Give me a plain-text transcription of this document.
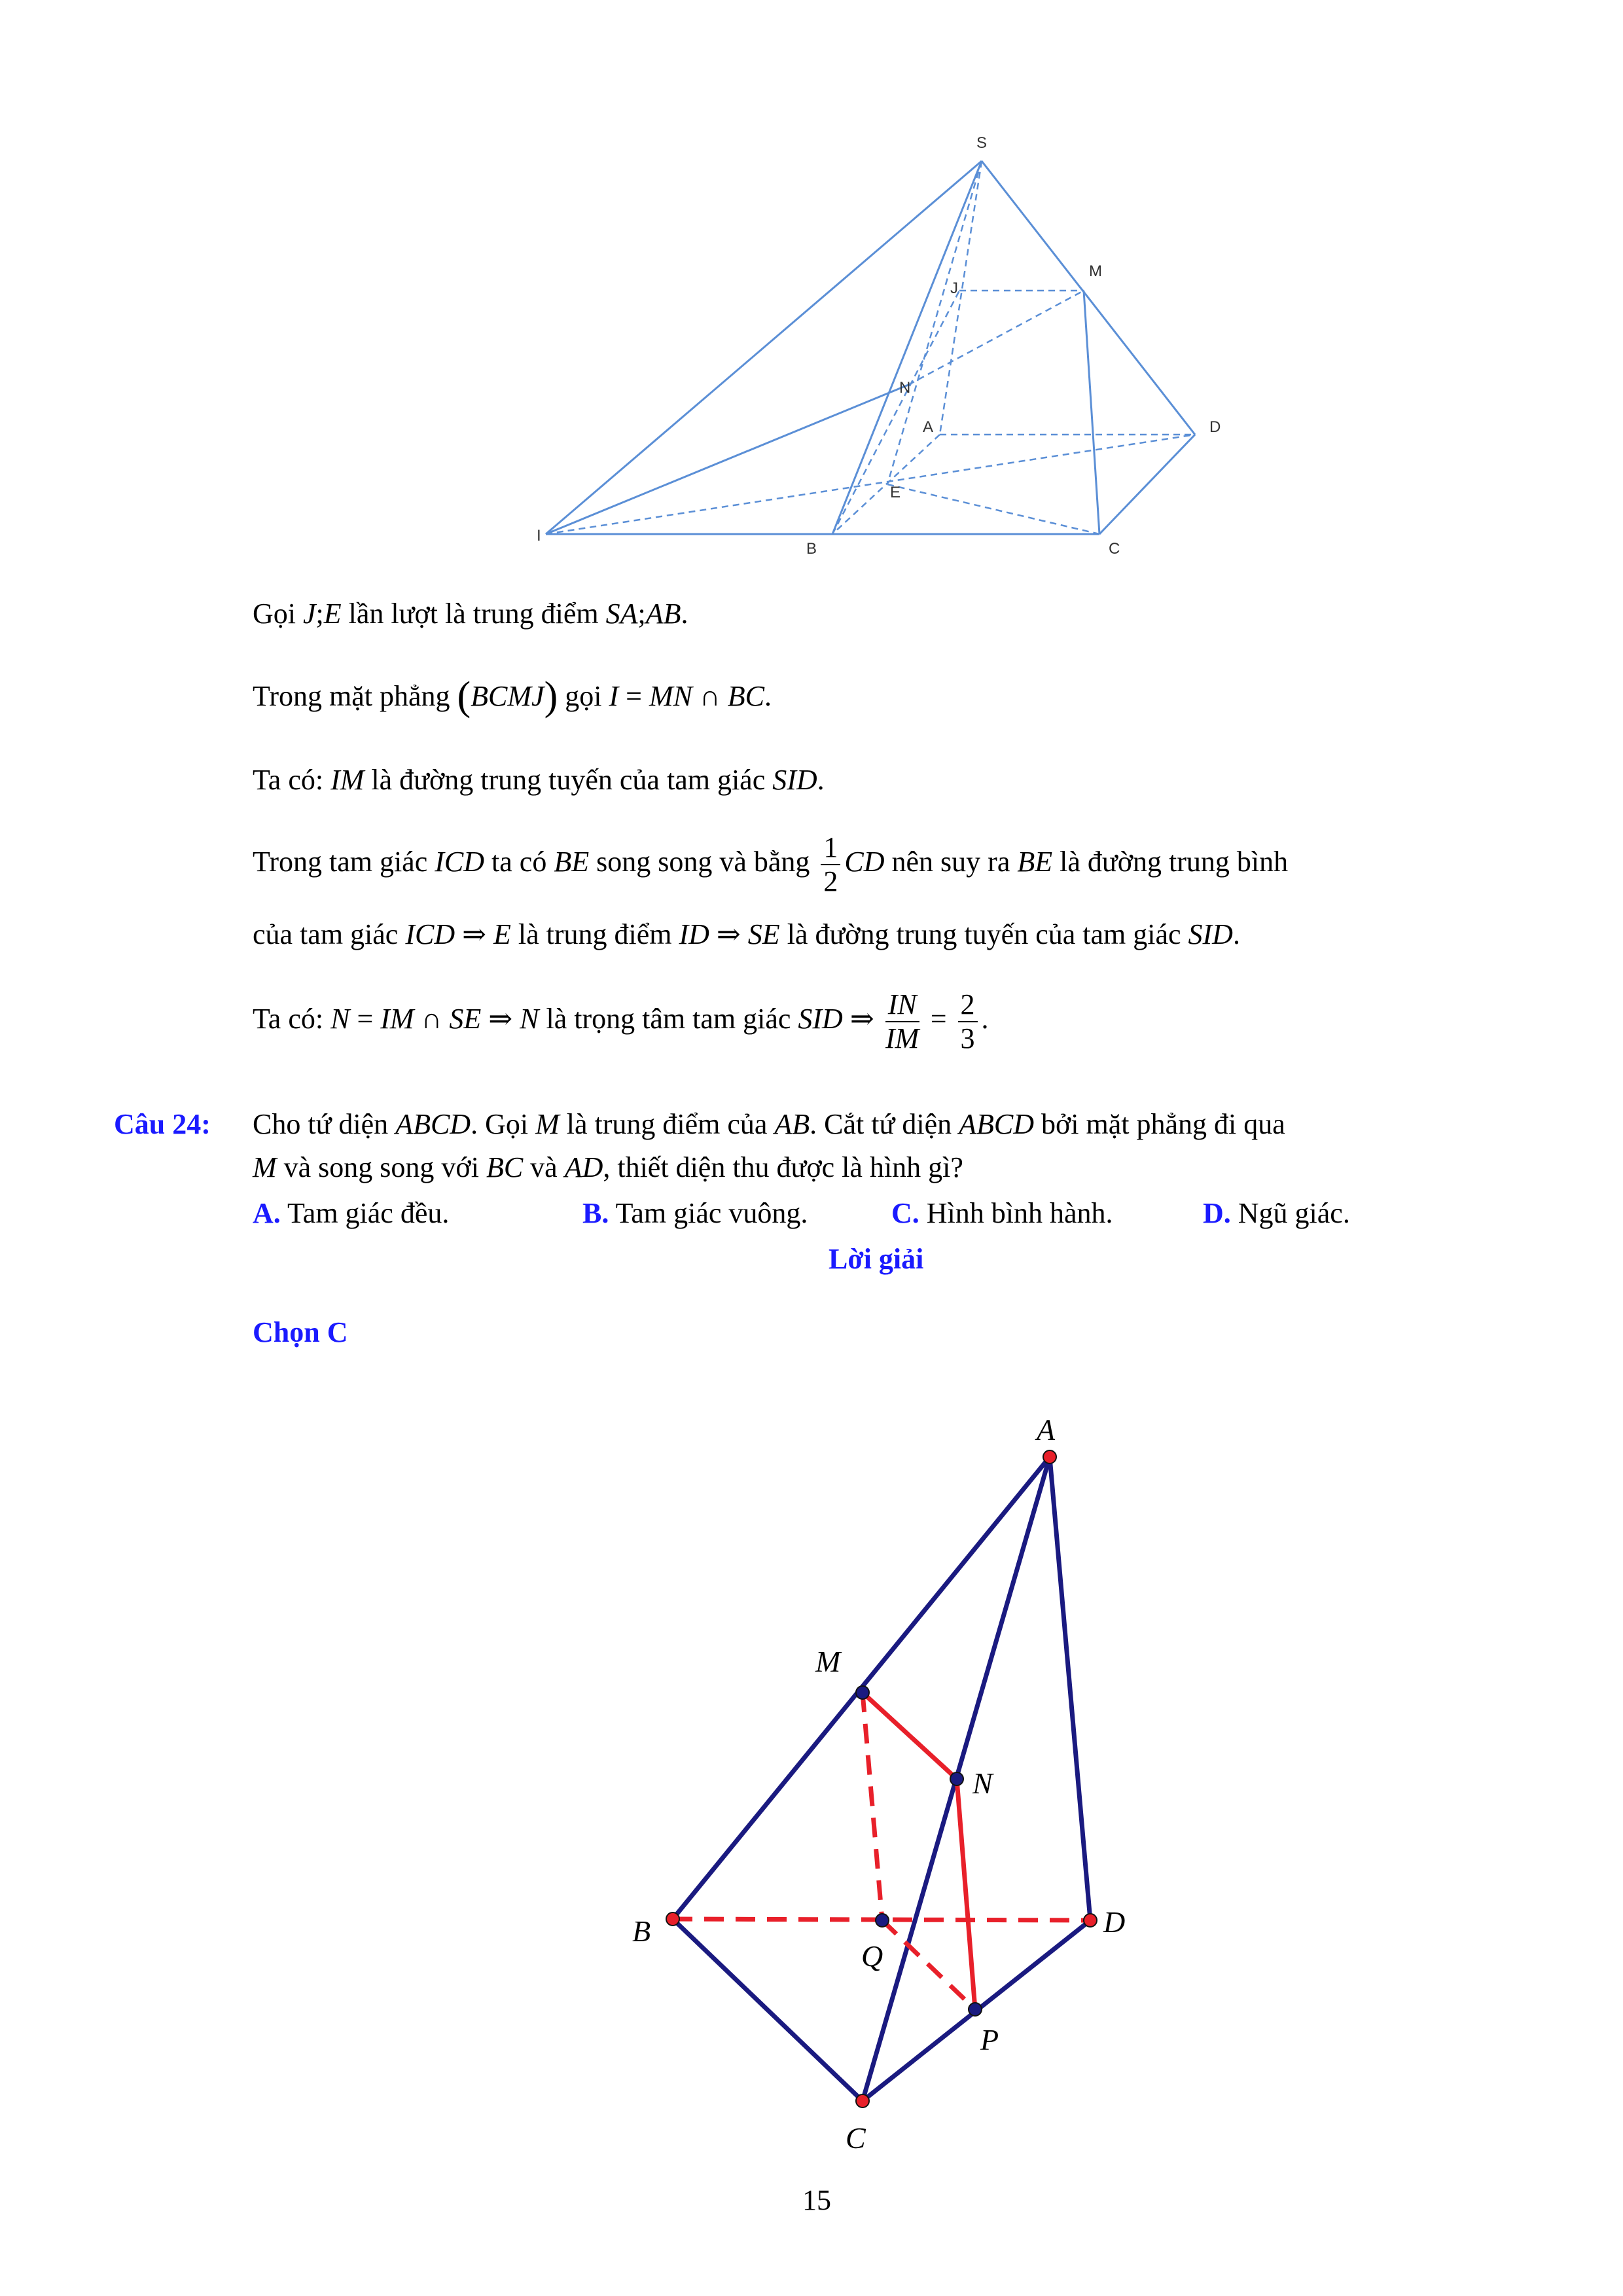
S
M
J
N
A	D
E
I
B	C
Gọi J;E lần lượt là trung điểm SA;AB.
Trong mặt phẳng (BCMJ) gọi I = MN ∩ BC.
Ta có: IM là đường trung tuyến của tam giác SID.
Trong tam giác ICD ta có BE song song và bằng $\frac{1}{2}$ CD nên suy ra BE là đường trung bình
của tam giác ICD ⇒ E là trung điểm ID ⇒ SE là đường trung tuyến của tam giác SID.
Ta có: N = IM ∩ SE ⇒ N là trọng tâm tam giác SID ⇒ $\frac{IN}{IM} = \frac{2}{3}$ .
Câu 24: Cho tứ diện ABCD. Gọi M là trung điểm của AB. Cắt tứ diện ABCD bởi mặt phẳng đi qua
M và song song với BC và AD, thiết diện thu được là hình gì?
A. Tam giác đều.	B. Tam giác vuông.	C. Hình bình hành.	D. Ngũ giác.
Lời giải
Chọn C
A
M
N
B
Q
D
P
C
15
